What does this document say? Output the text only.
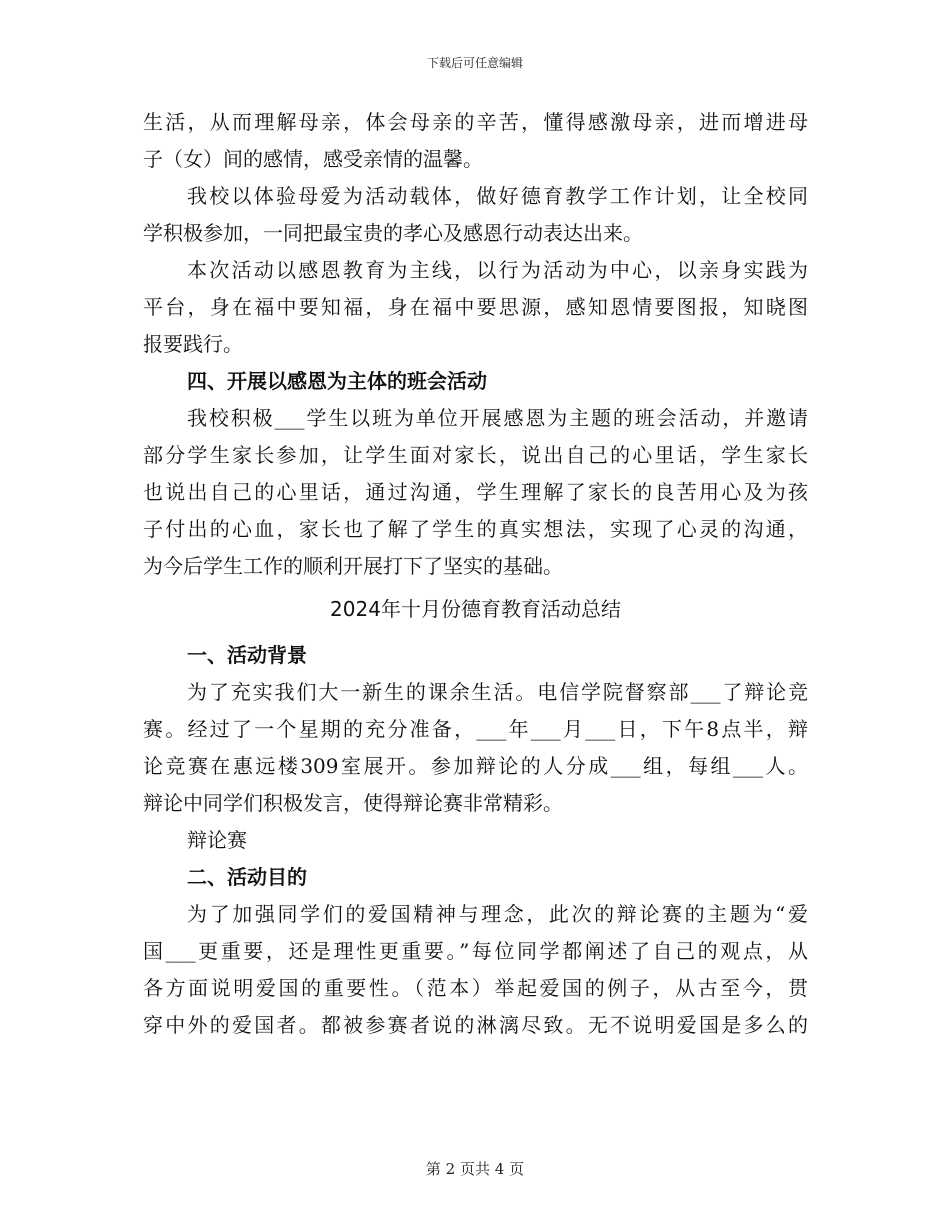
下载后可任意编辑
生活，从而理解母亲，体会母亲的辛苦，懂得感激母亲，进而增进母
子（女）间的感情，感受亲情的温馨。
我校以体验母爱为活动载体，做好德育教学工作计划，让全校同
学积极参加，一同把最宝贵的孝心及感恩行动表达出来。
本次活动以感恩教育为主线，以行为活动为中心，以亲身实践为
平台，身在福中要知福，身在福中要思源，感知恩情要图报，知晓图
报要践行。
四、开展以感恩为主体的班会活动
我校积极___学生以班为单位开展感恩为主题的班会活动，并邀请
部分学生家长参加，让学生面对家长，说出自己的心里话，学生家长
也说出自己的心里话，通过沟通，学生理解了家长的良苦用心及为孩
子付出的心血，家长也了解了学生的真实想法，实现了心灵的沟通，
为今后学生工作的顺利开展打下了坚实的基础。
2024年十月份德育教育活动总结
一、活动背景
为了充实我们大一新生的课余生活。电信学院督察部___了辩论竞
赛。经过了一个星期的充分准备，___年___月___日，下午8点半，辩
论竞赛在惠远楼309室展开。参加辩论的人分成___组，每组___人。
辩论中同学们积极发言，使得辩论赛非常精彩。
辩论赛
二、活动目的
为了加强同学们的爱国精神与理念，此次的辩论赛的主题为“爱
国___更重要，还是理性更重要。”每位同学都阐述了自己的观点，从
各方面说明爱国的重要性。（范本）举起爱国的例子，从古至今，贯
穿中外的爱国者。都被参赛者说的淋漓尽致。无不说明爱国是多么的
第 2 页共 4 页
